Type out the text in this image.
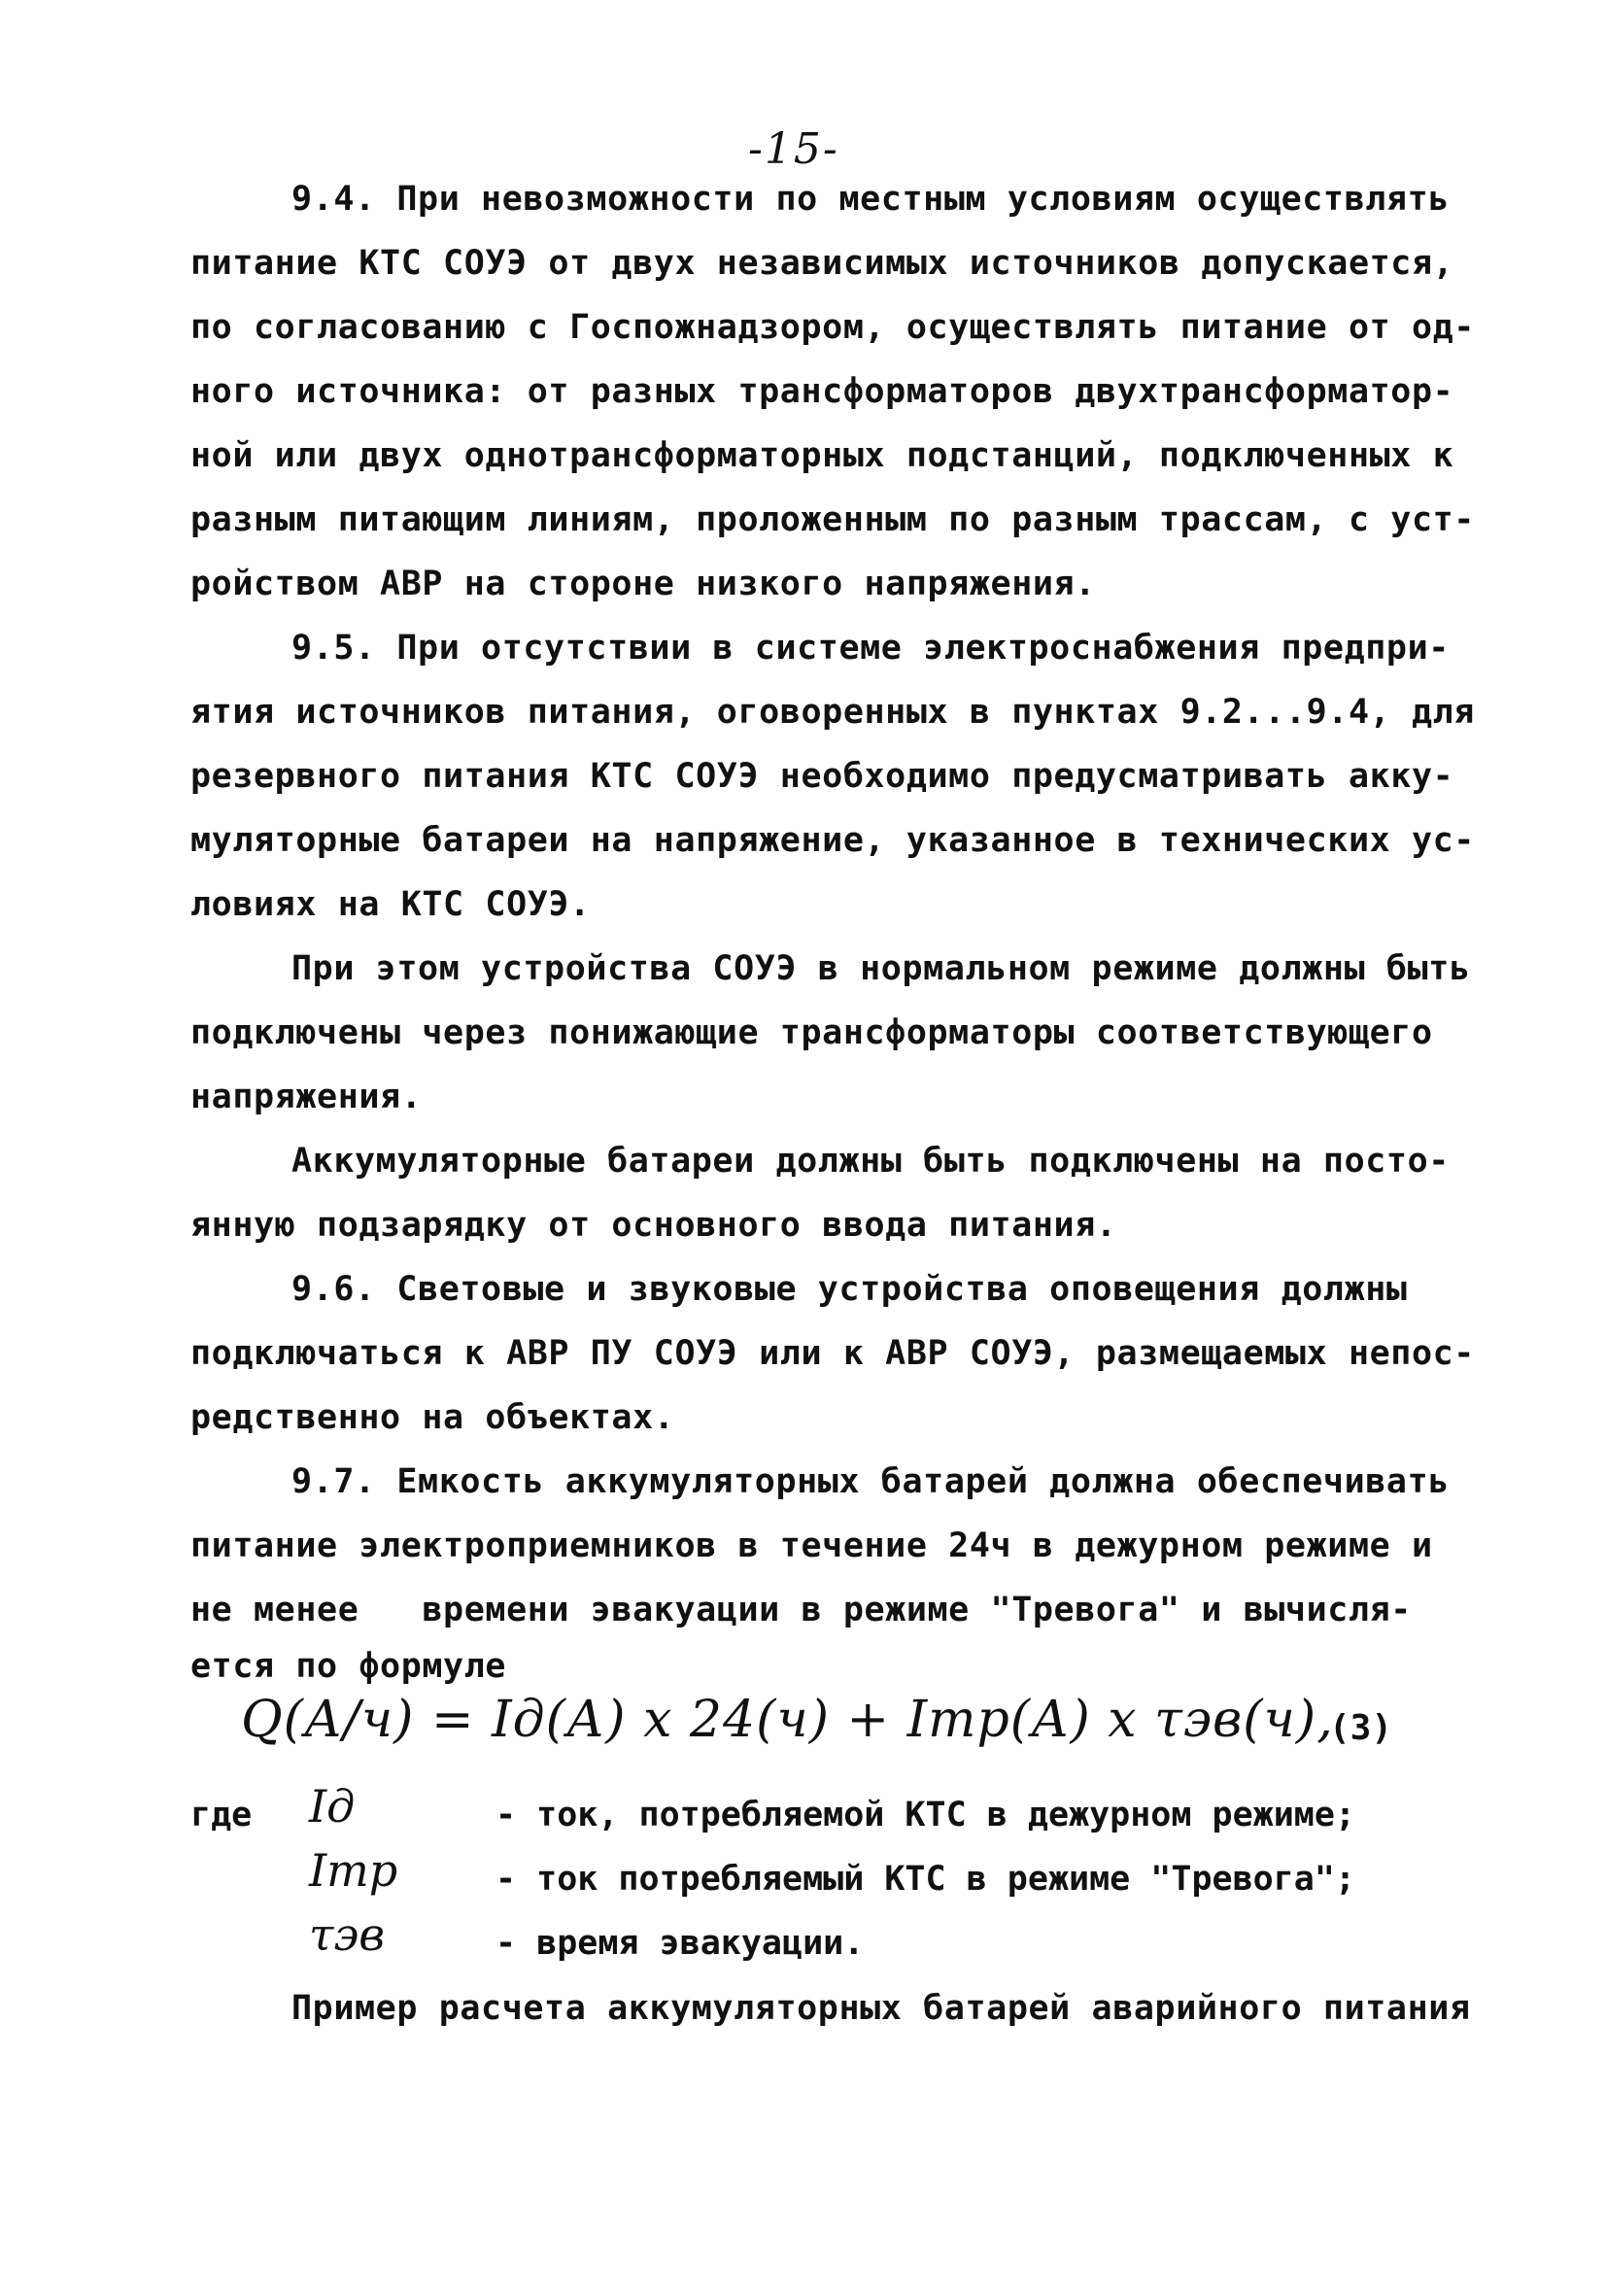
-15-
9.4. При невозможности по местным условиям осуществлять
питание КТС СОУЭ от двух независимых источников допускается,
по согласованию с Госпожнадзором, осуществлять питание от од-
ного источника: от разных трансформаторов двухтрансформатор-
ной или двух однотрансформаторных подстанций, подключенных к
разным питающим линиям, проложенным по разным трассам, с уст-
ройством АВР на стороне низкого напряжения.
9.5. При отсутствии в системе электроснабжения предпри-
ятия источников питания, оговоренных в пунктах 9.2...9.4, для
резервного питания КТС СОУЭ необходимо предусматривать акку-
муляторные батареи на напряжение, указанное в технических ус-
ловиях на КТС СОУЭ.
При этом устройства СОУЭ в нормальном режиме должны быть
подключены через понижающие трансформаторы соответствующего
напряжения.
Аккумуляторные батареи должны быть подключены на посто-
янную подзарядку от основного ввода питания.
9.6. Световые и звуковые устройства оповещения должны
подключаться к АВР ПУ СОУЭ или к АВР СОУЭ, размещаемых непос-
редственно на объектах.
9.7. Емкость аккумуляторных батарей должна обеспечивать
питание электроприемников в течение 24ч в дежурном режиме и
не менее   времени эвакуации в режиме "Тревога" и вычисля-
ется по формуле
Q(А/ч) = Iд(А) x 24(ч) + Iтр(А) x τэв(ч),
(3)
где Iд	- ток, потребляемой КТС в дежурном режиме;
Iтр	- ток потребляемый КТС в режиме "Тревога";
τэв	- время эвакуации.
Пример расчета аккумуляторных батарей аварийного питания
